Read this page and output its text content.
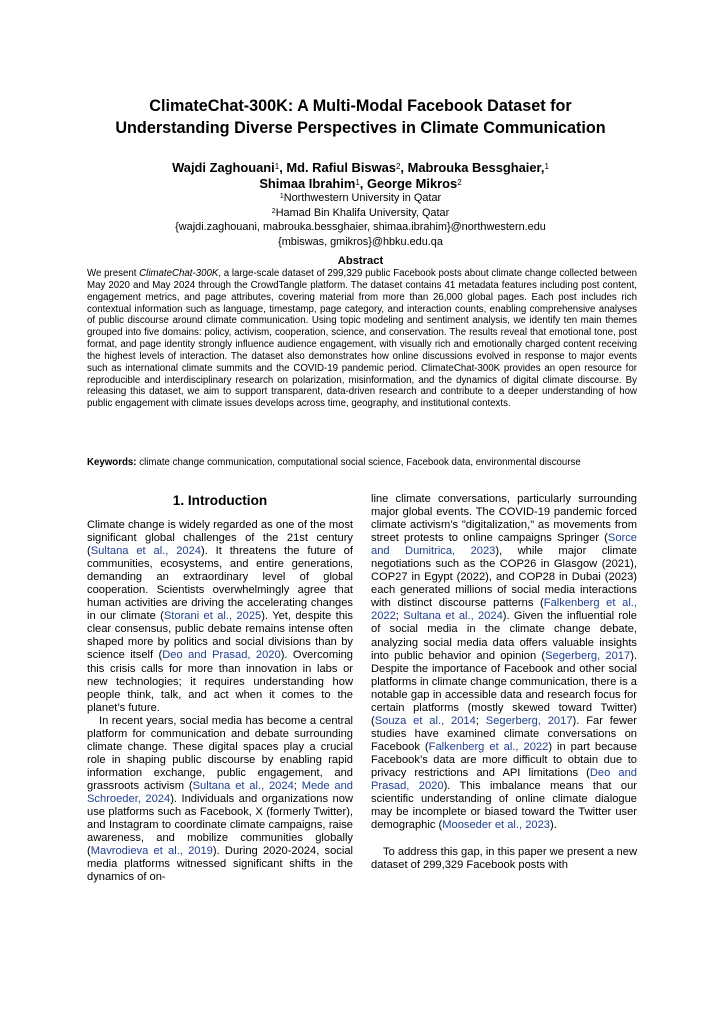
ClimateChat-300K: A Multi-Modal Facebook Dataset for
Understanding Diverse Perspectives in Climate Communication
Wajdi Zaghouani$^1$, Md. Rafiul Biswas$^2$, Mabrouka Bessghaier,$^1$
Shimaa Ibrahim$^1$, George Mikros$^2$
$^1$Northwestern University in Qatar
$^2$Hamad Bin Khalifa University, Qatar
{wajdi.zaghouani, mabrouka.bessghaier, shimaa.ibrahim}@northwestern.edu
{mbiswas, gmikros}@hbku.edu.qa
Abstract
We present ClimateChat-300K, a large-scale dataset of 299,329 public Facebook posts about climate change collected between May 2020 and May 2024 through the CrowdTangle platform. The dataset contains 41 metadata features including post content, engagement metrics, and page attributes, covering material from more than 26,000 global pages. Each post includes rich contextual information such as language, timestamp, page category, and interaction counts, enabling comprehensive analyses of public discourse around climate communication. Using topic modeling and sentiment analysis, we identify ten main themes grouped into five domains: policy, activism, cooperation, science, and conservation. The results reveal that emotional tone, post format, and page identity strongly influence audience engagement, with visually rich and emotionally charged content receiving the highest levels of interaction. The dataset also demonstrates how online discussions evolved in response to major events such as international climate summits and the COVID-19 pandemic period. ClimateChat-300K provides an open resource for reproducible and interdisciplinary research on polarization, misinformation, and the dynamics of digital climate discourse. By releasing this dataset, we aim to support transparent, data-driven research and contribute to a deeper understanding of how public engagement with climate issues develops across time, geography, and institutional contexts.
Keywords: climate change communication, computational social science, Facebook data, environmental discourse
1. Introduction

Climate change is widely regarded as one of the most significant global challenges of the 21st century (Sultana et al., 2024). It threatens the future of communities, ecosystems, and entire generations, demanding an extraordinary level of global cooperation. Scientists overwhelmingly agree that human activities are driving the accelerating changes in our climate (Storani et al., 2025). Yet, despite this clear consensus, public debate remains intense often shaped more by politics and social divisions than by science itself (Deo and Prasad, 2020). Overcoming this crisis calls for more than innovation in labs or new technologies; it requires understanding how people think, talk, and act when it comes to the planet’s future.

In recent years, social media has become a central platform for communication and debate surrounding climate change. These digital spaces play a crucial role in shaping public discourse by enabling rapid information exchange, public engagement, and grassroots activism (Sultana et al., 2024; Mede and Schroeder, 2024). Individuals and organizations now use platforms such as Facebook, X (formerly Twitter), and Instagram to coordinate climate campaigns, raise awareness, and mobilize communities globally (Mavrodieva et al., 2019). During 2020-2024, social media platforms witnessed significant shifts in the dynamics of on-

line climate conversations, particularly surrounding major global events. The COVID-19 pandemic forced climate activism’s "digitalization," as movements from street protests to online campaigns Springer (Sorce and Dumitrica, 2023), while major climate negotiations such as the COP26 in Glasgow (2021), COP27 in Egypt (2022), and COP28 in Dubai (2023) each generated millions of social media interactions with distinct discourse patterns (Falkenberg et al., 2022; Sultana et al., 2024). Given the influential role of social media in the climate change debate, analyzing social media data offers valuable insights into public behavior and opinion (Segerberg, 2017). Despite the importance of Facebook and other social platforms in climate change communication, there is a notable gap in accessible data and research focus for certain platforms (mostly skewed toward Twitter) (Souza et al., 2014; Segerberg, 2017). Far fewer studies have examined climate conversations on Facebook (Falkenberg et al., 2022) in part because Facebook’s data are more difficult to obtain due to privacy restrictions and API limitations (Deo and Prasad, 2020). This imbalance means that our scientific understanding of online climate dialogue may be incomplete or biased toward the Twitter user demographic (Mooseder et al., 2023).

To address this gap, in this paper we present a new dataset of 299,329 Facebook posts with
